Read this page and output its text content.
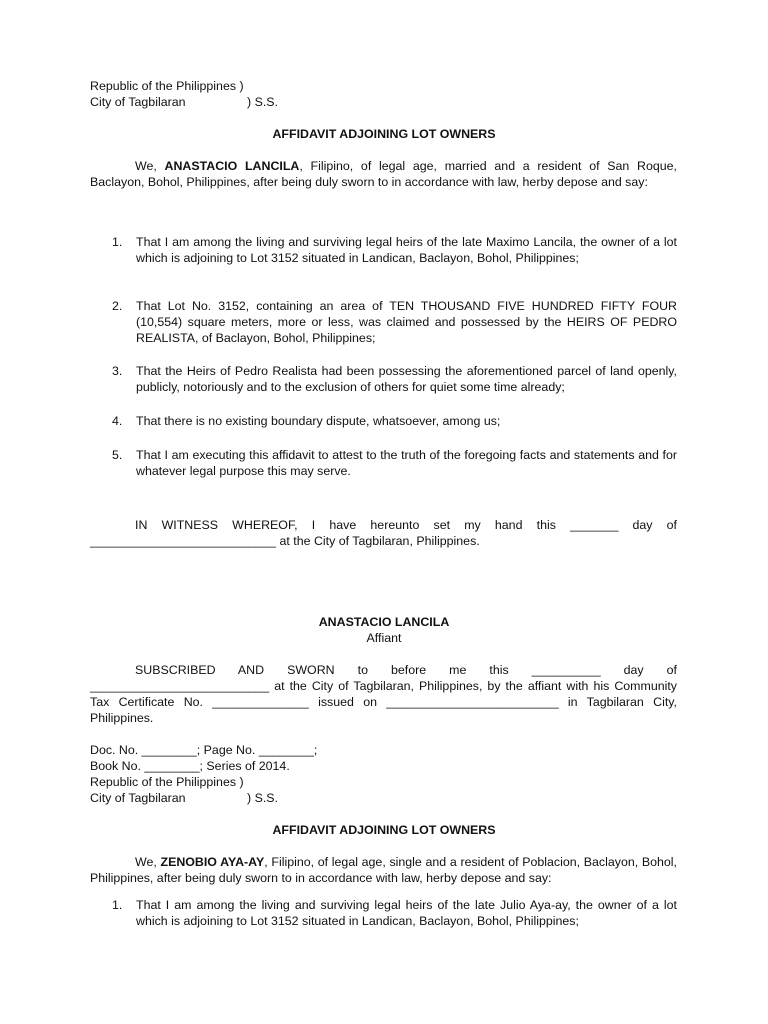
Republic of the Philippines )
City of Tagbilaran	) S.S.
AFFIDAVIT ADJOINING LOT OWNERS
We, ANASTACIO LANCILA, Filipino, of legal age, married and a resident of San Roque, Baclayon, Bohol, Philippines, after being duly sworn to in accordance with law, herby depose and say:
1. That I am among the living and surviving legal heirs of the late Maximo Lancila, the owner of a lot which is adjoining to Lot 3152 situated in Landican, Baclayon, Bohol, Philippines;
2. That Lot No. 3152, containing an area of TEN THOUSAND FIVE HUNDRED FIFTY FOUR (10,554) square meters, more or less, was claimed and possessed by the HEIRS OF PEDRO REALISTA, of Baclayon, Bohol, Philippines;
3. That the Heirs of Pedro Realista had been possessing the aforementioned parcel of land openly, publicly, notoriously and to the exclusion of others for quiet some time already;
4. That there is no existing boundary dispute, whatsoever, among us;
5. That I am executing this affidavit to attest to the truth of the foregoing facts and statements and for whatever legal purpose this may serve.
IN WITNESS WHEREOF, I have hereunto set my hand this _______ day of ___________________________ at the City of Tagbilaran, Philippines.
ANASTACIO LANCILA
Affiant
SUBSCRIBED AND SWORN to before me this __________ day of __________________________ at the City of Tagbilaran, Philippines, by the affiant with his Community Tax Certificate No. ______________ issued on _________________________ in Tagbilaran City, Philippines.
Doc. No. ________; Page No. ________;
Book No. ________; Series of 2014.
Republic of the Philippines )
City of Tagbilaran	) S.S.
AFFIDAVIT ADJOINING LOT OWNERS
We, ZENOBIO AYA-AY, Filipino, of legal age, single and a resident of Poblacion, Baclayon, Bohol, Philippines, after being duly sworn to in accordance with law, herby depose and say:
1. That I am among the living and surviving legal heirs of the late Julio Aya-ay, the owner of a lot which is adjoining to Lot 3152 situated in Landican, Baclayon, Bohol, Philippines;
